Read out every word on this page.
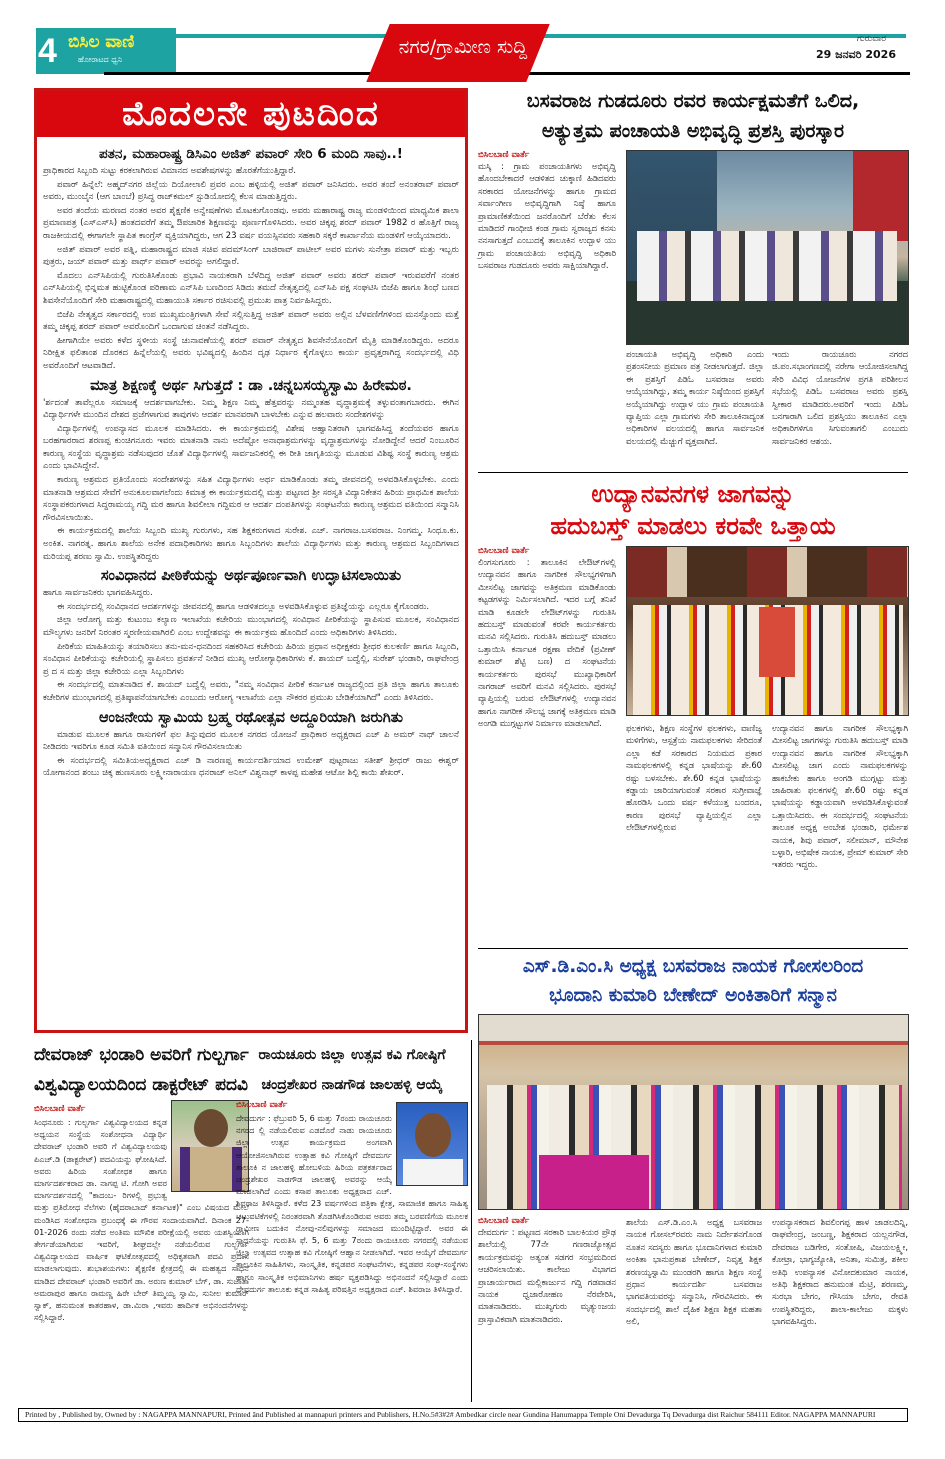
4 ಬಿಸಿಲ ವಾಣಿ
ಹೋರಾಟದ ಧ್ವನಿ
ನಗರ/ಗ್ರಾಮೀಣ ಸುದ್ದಿ	ಗುರುವಾರ
29 ಜನವರಿ 2026
ಮೊದಲನೇ ಪುಟದಿಂದ
ಪತನ, ಮಹಾರಾಷ್ಟ್ರ ಡಿಸಿಎಂ ಅಜಿತ್ ಪವಾರ್ ಸೇರಿ 6 ಮಂದಿ ಸಾವು..!

ಪ್ರಾಧಿಕಾರದ ಸಿಬ್ಬಂದಿ ಸುಟ್ಟು ಕರಕಲಾಗಿರುವ ವಿಮಾನದ ಅವಶೇಷಗಳನ್ನು ಹೊರತೆಗೆಯುತ್ತಿದ್ದಾರೆ.

ಪವಾರ್ ಹಿನ್ನೆಲೆ: ಅಹ್ಮದ್‌ನಗರ ಜಿಲ್ಲೆಯ ದಿಯೋಲಾಲಿ ಪ್ರವರ ಎಂಬ ಹಳ್ಳಿಯಲ್ಲಿ ಅಜಿತ್ ಪವಾರ್ ಜನಿಸಿದರು. ಅವರ ತಂದೆ ಅನಂತರಾವ್ ಪವಾರ್ ಅವರು, ಮುಂಬೈನ (ಆಗ ಬಾಂಬೆ) ಪ್ರಸಿದ್ಧ ರಾಜ್‌ಕಮಲ್ ಸ್ಟುಡಿಯೋದಲ್ಲಿ ಕೆಲಸ ಮಾಡುತ್ತಿದ್ದರು.

ಅವರ ತಂದೆಯ ಮರಣದ ನಂತರ ಅವರ ಶೈಕ್ಷಣಿಕ ಅನ್ವೇಷಣೆಗಳು ಮೊಟಕುಗೊಂಡವು. ಅವರು ಮಹಾರಾಷ್ಟ್ರ ರಾಜ್ಯ ಮಂಡಳಿಯಿಂದ ಮಾಧ್ಯಮಿಕ ಶಾಲಾ ಪ್ರಮಾಣಪತ್ರ (ಎಸ್‌ಎಸ್‌ಸಿ) ಹಂತದವರೆಗೆ ತಮ್ಮ ಔಪಚಾರಿಕ ಶಿಕ್ಷಣವನ್ನು ಪೂರ್ಣಗೊಳಿಸಿದರು. ಅವರ ಚಿಕ್ಕಪ್ಪ ಶರದ್ ಪವಾರ್ 1982 ರ ಹೊತ್ತಿಗೆ ರಾಜ್ಯ ರಾಜಕೀಯದಲ್ಲಿ ಈಗಾಗಲೇ ಸ್ಥಾಪಿತ ಕಾಂಗ್ರೆಸ್ ವ್ಯಕ್ತಿಯಾಗಿದ್ದರು, ಆಗ 23 ವರ್ಷ ವಯಸ್ಸಿನವರು ಸಹಕಾರಿ ಸಕ್ಕರೆ ಕಾರ್ಖಾನೆಯ ಮಂಡಳಿಗೆ ಆಯ್ಕೆಯಾದರು.

ಅಜಿತ್ ಪವಾರ್ ಅವರ ಪತ್ನಿ, ಮಹಾರಾಷ್ಟ್ರದ ಮಾಜಿ ಸಚಿವ ಪದಮ್‌ಸಿಂಗ್ ಬಾಜಿರಾವ್ ಪಾಟೀಲ್ ಅವರ ಮಗಳು ಸುನೇತ್ರಾ ಪವಾರ್ ಮತ್ತು ಇಬ್ಬರು ಪುತ್ರರು, ಜಯ್ ಪವಾರ್ ಮತ್ತು ಪಾರ್ಥ್ ಪವಾರ್ ಅವರನ್ನು ಅಗಲಿದ್ದಾರೆ.

ಮೊದಲು ಎನ್‌ಸಿಪಿಯಲ್ಲಿ ಗುರುತಿಸಿಕೊಂಡು ಪ್ರಭಾವಿ ನಾಯಕರಾಗಿ ಬೆಳೆದಿದ್ದ ಅಜಿತ್ ಪವಾರ್ ಅವರು ಶರದ್ ಪವಾರ್ ಇರುವವರೆಗೆ ನಂತರ ಎನ್‌ಸಿಪಿಯಲ್ಲಿ ಭಿನ್ನಮತ ಹುಟ್ಟಿಕೊಂಡ ಪರಿಣಾಮ ಎನ್‌ಸಿಪಿ ಬಣದಿಂದ ಸಿಡಿದು ತಮದೆ ನೇತೃತ್ವದಲ್ಲಿ ಎನ್‌ಸಿಪಿ ಪಕ್ಷ ಸಂಘಟಿಸಿ ಬಿಜೆಪಿ ಹಾಗೂ ಶಿಂಧೆ ಬಣದ ಶಿವಸೇನೆಯೊಂದಿಗೆ ಸೇರಿ ಮಹಾರಾಷ್ಟ್ರದಲ್ಲಿ ಮಹಾಯುತಿ ಸರ್ಕಾರ ರಚಿಸುವಲ್ಲಿ ಪ್ರಮುಖ ಪಾತ್ರ ನಿರ್ವಹಿಸಿದ್ದರು.

ಬಿಜೆಪಿ ನೇತೃತ್ವದ ಸರ್ಕಾರದಲ್ಲಿ ಉಪ ಮುಖ್ಯಮಂತ್ರಿಗಳಾಗಿ ಸೇವೆ ಸಲ್ಲಿಸುತ್ತಿದ್ದ ಅಜಿತ್ ಪವಾರ್ ಅವರು ಅಲ್ಲಿನ ಬೆಳವಣಿಗೆಗಳಿಂದ ಮನಸ್ಸೊಂದು ಮತ್ತೆ ತಮ್ಮ ಚಿಕ್ಕಪ್ಪ ಶರದ್ ಪವಾರ್ ಅವರೊಂದಿಗೆ ಒಂದಾಗುವ ಚಿಂತನೆ ನಡೆಸಿದ್ದರು.

ಹೀಗಾಗಿಯೇ ಅವರು ಕಳೆದ ಸ್ಥಳೀಯ ಸಂಸ್ಥೆ ಚುನಾವಣೆಯಲ್ಲಿ ಶರದ್ ಪವಾರ್ ನೇತೃತ್ವದ ಶಿವಸೇನೆಯೊಂದಿಗೆ ಮೈತ್ರಿ ಮಾಡಿಕೊಂಡಿದ್ದರು. ಅದರೂ ನಿರೀಕ್ಷಿತ ಫಲಿತಾಂಶ ದೊರಕದ ಹಿನ್ನೆಲೆಯಲ್ಲಿ ಅವರು ಭವಿಷ್ಯದಲ್ಲಿ ಹಿಂದಿನ ದೃಢ ನಿರ್ಧಾರ ಕೈಗೊಳ್ಳಲು ಕಾರ್ಯ ಪ್ರವೃತ್ತರಾಗಿದ್ದ ಸಂದರ್ಭದಲ್ಲಿ ವಿಧಿ ಅವರೊಂದಿಗೆ ಆಟವಾಡಿದೆ.

ಮಾತ್ರ ಶಿಕ್ಷಣಕ್ಕೆ ಅರ್ಥ ಸಿಗುತ್ತದೆ : ಡಾ .ಚನ್ನಬಸಯ್ಯಸ್ವಾಮಿ ಹಿರೇಮಠ.

'ರ್ಶದಂತೆ ತಾವೆಲ್ಲರೂ ಸಮಾಜಕ್ಕೆ ಆದರ್ಶವಾಗಬೇಕು. ನಿಮ್ಮ ಶಿಕ್ಷಣ ನಿಮ್ಮ ಹೆತ್ತವರನ್ನು ನಮ್ಮಂತಹ ವೃದ್ಧಾಶ್ರಮಕ್ಕೆ ತಳ್ಳುವಂತಾಗಬಾರದು. ಈಗಿನ ವಿದ್ಯಾರ್ಥಿಗಳೇ ಮುಂದಿನ ದೇಶದ ಪ್ರಜೆಗಳಾಗುವ ತಾವುಗಳು ಆದರ್ಶ ಮಾನವರಾಗಿ ಬಾಳಬೇಕು ಎನ್ನುವ ಹಲವಾರು ಸಂದೇಶಗಳನ್ನು

ವಿದ್ಯಾರ್ಥಿಗಳಲ್ಲಿ ಉಪನ್ಯಾಸದ ಮೂಲಕ ಮಾಡಿಸಿದರು. ಈ ಕಾರ್ಯಕ್ರಮದಲ್ಲಿ ವಿಶೇಷ ಆಹ್ವಾನಿತರಾಗಿ ಭಾಗವಹಿಸಿದ್ದ ತಂದೆಯವರ ಹಾಗೂ ಬರಹಗಾರರಾದ ಶರಣಪ್ಪ ಕುಂಚಿಗನೂರು ಇವರು ಮಾತನಾಡಿ ನಾನು ಅದೆಷ್ಟೋ ಅನಾಥಾಶ್ರಮಗಳನ್ನು ವೃದ್ಧಾಶ್ರಮಗಳನ್ನು ನೋಡಿದ್ದೇನೆ ಆದರೆ ನಿಂಬೂರಿನ ಕಾರುಣ್ಯ ಸಂಸ್ಥೆಯ ವೃದ್ಧಾಶ್ರಮ ನಡೆಸುವುದರ ಜೊತೆ ವಿದ್ಯಾರ್ಥಿಗಳಲ್ಲಿ ಸಾರ್ವಜನಿಕರಲ್ಲಿ ಈ ರೀತಿ ಜಾಗೃತಿಯನ್ನು ಮೂಡುವ ವಿಶಿಷ್ಟ ಸಂಸ್ಥೆ ಕಾರುಣ್ಯ ಆಶ್ರಮ ಎಂದು ಭಾವಿಸಿದ್ದೇನೆ.

ಕಾರುಣ್ಯ ಆಶ್ರಮದ ಪ್ರತಿಯೊಂದು ಸಂದೇಶಗಳನ್ನು ಸಹಿತ ವಿದ್ಯಾರ್ಥಿಗಳು ಅರ್ಥ ಮಾಡಿಕೊಂಡು ತಮ್ಮ ಜೀವನದಲ್ಲಿ ಅಳವಡಿಸಿಕೊಳ್ಳಬೇಕು. ಎಂದು ಮಾತನಾಡಿ ಆಶ್ರಮದ ಸೇವೆಗೆ ಅನುಕೂಲವಾಗಲೆಂದು ಕಿಮಾತ್ರ ಈ ಕಾರ್ಯಕ್ರಮದಲ್ಲಿ ಮತ್ತು ಪಟ್ಟಣದ ಶ್ರೀ ಸರಸ್ವತಿ ವಿದ್ಯಾನಿಕೇತನ ಹಿರಿಯ ಪ್ರಾಥಮಿಕ ಶಾಲೆಯ ಸಂಸ್ಥಾಪಕರುಗಳಾದ ಸಿದ್ದರಾಮಯ್ಯ ಗದ್ದಿ ಮಠ ಹಾಗೂ ಶಿವಲೀಲಾ ಗದ್ದಿಮಠ ಆ ಆದರ್ಶ ದಂಪತಿಗಳನ್ನು ಸಂಘಟನೆಯ ಕಾರುಣ್ಯ ಆಶ್ರಮದ ವತಿಯಿಂದ ಸನ್ಮಾನಿಸಿ ಗೌರವಿಸಲಾಯಿತು.

ಈ ಕಾರ್ಯಕ್ರಮದಲ್ಲಿ ಶಾಲೆಯ ಸಿಬ್ಬಂದಿ ಮುಖ್ಯ ಗುರುಗಳು, ಸಹ ಶಿಕ್ಷಕರುಗಳಾದ ಸುರೇಶ. ಎಚ್. ನಾಗರಾಜ.ಬಸವರಾಜ. ನಿಂಗಮ್ಮ. ಸಿಂಧೂ.ಕು. ಅಂಕಿತ. ನಾಗರತ್ನ. ಹಾಗೂ ಶಾಲೆಯ ಅನೇಕ ಪದಾಧಿಕಾರಿಗಳು ಹಾಗೂ ಸಿಬ್ಬಂದಿಗಳು ಶಾಲೆಯ ವಿದ್ಯಾರ್ಥಿಗಳು ಮತ್ತು ಕಾರುಣ್ಯ ಆಶ್ರಮದ ಸಿಬ್ಬಂದಿಗಳಾದ ಮರಿಯಪ್ಪ ಶರಣು ಸ್ವಾಮಿ. ಉಪಸ್ಥಿತರಿದ್ದರು

ಸಂವಿಧಾನದ ಪೀಠಿಕೆಯನ್ನು ಅರ್ಥಪೂರ್ಣವಾಗಿ ಉದ್ಘಾಟಿಸಲಾಯಿತು

ಹಾಗೂ ಸಾರ್ವಜನಿಕರು ಭಾಗವಹಿಸಿದ್ದರು.

ಈ ಸಂದರ್ಭದಲ್ಲಿ ಸಂವಿಧಾನದ ಆದರ್ಶಗಳನ್ನು ಜೀವನದಲ್ಲಿ ಹಾಗೂ ಆಡಳಿತದಲ್ಲೂ ಅಳವಡಿಸಿಕೊಳ್ಳುವ ಪ್ರತಿಜ್ಞೆಯನ್ನು ಎಲ್ಲರೂ ಕೈಗೊಂಡರು.

ಜಿಲ್ಲಾ ಆರೋಗ್ಯ ಮತ್ತು ಕುಟುಂಬ ಕಲ್ಯಾಣ ಇಲಾಖೆಯ ಕಚೇರಿಯ ಮುಂಭಾಗದಲ್ಲಿ ಸಂವಿಧಾನ ಪೀಠಿಕೆಯನ್ನು ಸ್ಥಾಪಿಸುವ ಮೂಲಕ, ಸಂವಿಧಾನದ ಮೌಲ್ಯಗಳು ಜನರಿಗೆ ನಿರಂತರ ಸ್ಮರಣೀಯವಾಗಿರಲಿ ಎಂಬ ಉದ್ದೇಶವನ್ನು ಈ ಕಾರ್ಯಕ್ರಮ ಹೊಂದಿದೆ ಎಂದು ಅಧಿಕಾರಿಗಳು ತಿಳಿಸಿದರು.

ಪೀಠಿಕೆಯ ಮಾಹಿತಿಯನ್ನು ತಯಾರಿಸಲು ತನು-ಮನ-ಧನದಿಂದ ಸಹಕರಿಸಿದ ಕಚೇರಿಯ ಹಿರಿಯ ಪ್ರಧಾನ ಅಧೀಕ್ಷಕರು ಶ್ರೀಧರ ಕುಲಕರ್ಣಿ ಹಾಗೂ ಸಿಬ್ಬಂದಿ, ಸಂವಿಧಾನ ಪೀಠಿಕೆಯನ್ನು ಕಚೇರಿಯಲ್ಲಿ ಸ್ಥಾಪಿಸಲು ಪ್ರವರ್ತನೆ ನೀಡಿದ ಮುಖ್ಯ ಆರೋಗ್ಯಾಧಿಕಾರಿಗಳು ಕೆ. ಶಾಯದ್ ಬದ್ವೆಲ್ಲಿ, ಸುರೇಶ್ ಭಂಡಾರಿ, ರಾಘವೇಂದ್ರ ಪ್ರ ದ ಸ ಮತ್ತು ಜಿಲ್ಲಾ ಕಚೇರಿಯ ಎಲ್ಲಾ ಸಿಬ್ಬಂದಿಗಳು

ಈ ಸಂದರ್ಭದಲ್ಲಿ ಮಾತನಾಡಿದ ಕೆ. ಶಾಯದ್ ಬದ್ವೆಲ್ಲಿ ಅವರು, "ನಮ್ಮ ಸಂವಿಧಾನ ಪೀಠಿಕೆ ಕರ್ನಾಟಕ ರಾಜ್ಯದಲ್ಲಿಂದ ಪ್ರತಿ ಜಿಲ್ಲಾ ಹಾಗೂ ತಾಲೂಕು ಕಚೇರಿಗಳ ಮುಂಭಾಗದಲ್ಲಿ ಪ್ರತಿಷ್ಠಾಪನೆಯಾಗಬೇಕು ಎಂಬುದು ಆರೋಗ್ಯ ಇಲಾಖೆಯ ಎಲ್ಲಾ ನೌಕರರ ಪ್ರಮುಖ ಬೇಡಿಕೆಯಾಗಿದೆ" ಎಂದು ತಿಳಿಸಿದರು.

ಆಂಜನೇಯ ಸ್ವಾಮಿಯ ಬ್ರಹ್ಮ ರಥೋತ್ಸವ ಅದ್ದೂರಿಯಾಗಿ ಜರುಗಿತು

ಮಾಡುವ ಮೂಲಕ ಹಾಗೂ ರಾಸುಗಳಿಗೆ ಫಲ ತಿನ್ನುವುದರ ಮೂಲಕ ನಗರದ ಯೋಜನೆ ಪ್ರಾಧಿಕಾರ ಅಧ್ಯಕ್ಷರಾದ ಎಚ್ ಪಿ ಅಮರ್ ನಾಥ್ ಚಾಲನೆ ನೀಡಿದರು ಇವರಿಗೂ ಕೂಡ ಸಮಿತಿ ವತಿಯಿಂದ ಸನ್ಮಾನಿಸ ಗೌರವಿಸಲಾಯಿತು

ಈ ಸಂದರ್ಭದಲ್ಲಿ ಸಮಿತಿಯಅಧ್ಯಕ್ಷರಾದ ಎಚ್ ಡಿ ನಾರಣಪ್ಪ ಕಾರ್ಯದರ್ಶಿಯಾದ ಉಮೇಶ್ ಪುಟ್ಟರಾಜು ಸತೀಶ್ ಶ್ರೀಧರ್ ರಾಜು ಈಶ್ವರ್ ಯೋಗಾನಂದ ಶಂಬು ಚಿಕ್ಕ ಹುಣಸೂರು ಲಕ್ಷ್ಮೀನಾರಾಯಣ ಧನರಾಜ್ ಅನಿಲ್ ವಿಶ್ವನಾಥ್ ಕಾಳಪ್ಪ ಮಹೇಶ ಆಟೋ ಶಿಲ್ಪಿ ಕಾಯಿ ಶೇಖರ್.

ಬಸವರಾಜ ಗುಡದೂರು ರವರ ಕಾರ್ಯಕ್ಷಮತೆಗೆ ಒಲಿದ,
ಅತ್ಯುತ್ತಮ ಪಂಚಾಯತಿ ಅಭಿವೃದ್ಧಿ ಪ್ರಶಸ್ತಿ ಪುರಸ್ಕಾರ
ಬಿಸಿಲಬಾಣಿ ವಾರ್ತೆ
ಮಸ್ಕಿ : ಗ್ರಾಮ ಪಂಚಾಯತಿಗಳು ಅಭಿವೃದ್ಧಿ ಹೊಂದಬೇಕಾದರೆ ಆಡಳಿತದ ಚುಕ್ಕಾಣಿ ಹಿಡಿದವರು ಸರಕಾರದ ಯೋಜನೆಗಳನ್ನು ಹಾಗೂ ಗ್ರಾಮದ ಸರ್ವಾಂಗೀಣ ಅಭಿವೃದ್ಧಿಗಾಗಿ ನಿಷ್ಠೆ ಹಾಗೂ ಪ್ರಾಮಾಣಿಕತೆಯಿಂದ ಜನರೊಂದಿಗೆ ಬೆರೆತು ಕೆಲಸ ಮಾಡಿದರೆ ಗಾಂಧೀಜಿ ಕಂಡ ಗ್ರಾಮ ಸ್ವರಾಜ್ಯದ ಕನಸು ನನಸಾಗುತ್ತದೆ ಎಂಬುದಕ್ಕೆ ತಾಲೂಕಿನ ಉದ್ಬಾಳ ಯು ಗ್ರಾಮ ಪಂಚಾಯತಿಯ ಅಭಿವೃದ್ಧಿ ಅಧಿಕಾರಿ ಬಸವರಾಜ ಗುಡದೂರು ಅವರು ಸಾಕ್ಷಿಯಾಗಿದ್ದಾರೆ.
ಪಂಚಾಯತಿ ಅಭಿವೃದ್ಧಿ ಅಧಿಕಾರಿ ಎಂದು ಪ್ರಶಂಸನೀಯ ಪ್ರಮಾಣ ಪತ್ರ ನೀಡಲಾಗುತ್ತದೆ. ಜಿಲ್ಲಾ ಈ ಪ್ರಶಸ್ತಿಗೆ ಪಿಡಿಓ ಬಸವರಾಜ ಅವರು ಆಯ್ಕೆಯಾಗಿದ್ದು, ತಮ್ಮ ಕಾರ್ಯ ನಿಷ್ಠೆಯಿಂದ ಪ್ರಶಸ್ತಿಗೆ ಅಯ್ಕೆಯಾಗಿದ್ದು ಉದ್ಬಾಳ ಯು ಗ್ರಾಮ ಪಂಚಾಯತಿ ವ್ಯಾಪ್ತಿಯ ಎಲ್ಲಾ ಗ್ರಾಮಗಳು ಸೇರಿ ತಾಲೂಕಿನಾದ್ಯಂತ ಅಧಿಕಾರಿಗಳ ವಲಯದಲ್ಲಿ ಹಾಗೂ ಸಾರ್ವಜನಿಕ ವಲಯದಲ್ಲಿ ಮೆಚ್ಚುಗೆ ವ್ಯಕ್ತವಾಗಿದೆ.
ಇಂದು ರಾಯಚೂರು ನಗರದ ಜಿ.ಪಂ.ಸಭಾಂಗಣದಲ್ಲಿ ನರೇಗಾ ಆಯೋಜಿಸಲಾಗಿದ್ದ ಸೇರಿ ವಿವಿಧ ಯೋಜನೆಗಳ ಪ್ರಗತಿ ಪರಿಶೀಲನ ಸಭೆಯಲ್ಲಿ ಪಿಡಿಓ ಬಸವರಾಜ ಅವರು ಪ್ರಶಸ್ತಿ ಸ್ವೀಕಾರ ಮಾಡಿದರು.ಅವರಿಗೆ ಇಂದು ಪಿಡಿಓ ಬನಗಾರಾಗಿ ಒಲಿದ ಪ್ರಶಸ್ತಿಯು ತಾಲೂಕಿನ ಎಲ್ಲಾ ಅಧಿಕಾರಿಗಳಿಗೂ ಸಿಗುವಂತಾಗಲಿ ಎಂಬುದು ಸಾರ್ವಜನಿಕರ ಆಶಯ.
ಉದ್ಯಾನವನಗಳ ಜಾಗವನ್ನು
ಹದುಬಸ್ತ್ ಮಾಡಲು ಕರವೇ ಒತ್ತಾಯ
ಬಿಸಿಲಬಾಣಿ ವಾರ್ತೆ
ಲಿಂಗಸುಗೂರು : ತಾಲೂಕಿನ ಲೇಔಟ್‌ಗಳಲ್ಲಿ ಉದ್ಯಾನವನ ಹಾಗೂ ನಾಗರೀಕ ಸೌಲಭ್ಯಗಳಿಗಾಗಿ ಮೀಸಲಿಟ್ಟ ಜಾಗವನ್ನು ಅತಿಕ್ರಮಣ ಮಾಡಿಕೊಂಡು ಕಟ್ಟಡಗಳನ್ನು ನಿರ್ಮಿಸಲಾಗಿದೆ. ಇದರ ಬಗ್ಗೆ ತನಿಖೆ ಮಾಡಿ ಕೂಡಲೇ ಲೇಔಟ್‌ಗಳನ್ನು ಗುರುತಿಸಿ ಹದುಬಸ್ತ್ ಮಾಡುವಂತೆ ಕರವೇ ಕಾರ್ಯಕರ್ತರು ಮನವಿ ಸಲ್ಲಿಸಿದರು. ಗುರುತಿಸಿ ಹದುಬಸ್ತ್ ಮಾಡಲು ಒತ್ತಾಯಿಸಿ ಕರ್ನಾಟಕ ರಕ್ಷಣಾ ವೇದಿಕೆ (ಪ್ರವೀಣ್ ಕುಮಾರ್ ಶೆಟ್ಟಿ ಬಣ) ದ ಸಂಘಟನೆಯ ಕಾರ್ಯಕರ್ತರು ಪುರಸಭೆ ಮುಖ್ಯಾಧಿಕಾರಿಗೆ ನಾಗರಾಜ್ ಅವರಿಗೆ ಮನವಿ ಸಲ್ಲಿಸಿದರು. ಪುರಸಭೆ ವ್ಯಾಪ್ತಿಯಲ್ಲಿ ಬರುವ ಲೇಔಟ್‌ಗಳಲ್ಲಿ ಉದ್ಯಾನವನ ಹಾಗೂ ನಾಗರೀಕ ಸೌಲಭ್ಯ ಜಾಗಕ್ಕೆ ಅತಿಕ್ರಮಣ ಮಾಡಿ ಅಂಗಡಿ ಮುಗ್ಗಟ್ಟುಗಳ ನಿರ್ಮಾಣ ಮಾಡಲಾಗಿದೆ.	ಫಲಕಗಳು, ಶಿಕ್ಷಣ ಸಂಸ್ಥೆಗಳ ಫಲಕಗಳು, ವಾಣಿಜ್ಯ ಮಳಿಗೆಗಳು, ಆಸ್ಪತ್ರೆಯ ನಾಮಫಲಕಗಳು ಸೇರಿದಂತೆ ಎಲ್ಲಾ ಕಡೆ ಸರಕಾರದ ನಿಯಮದ ಪ್ರಕಾರ ನಾಮಫಲಕಗಳಲ್ಲಿ ಕನ್ನಡ ಭಾಷೆಯನ್ನು ಶೇ.60 ರಷ್ಟು ಬಳಸಬೇಕು. ಶೇ.60 ಕನ್ನಡ ಭಾಷೆಯನ್ನು ಕಡ್ಡಾಯ ಜಾರಿಯಾಗುವಂತೆ ಸರಕಾರ ಸುಗ್ರೀವಾಜ್ಞೆ ಹೊರಡಿಸಿ ಒಂದು ವರ್ಷ ಕಳೆಯುತ್ತ ಬಂದರೂ, ಕಾರಣ ಪುರಸಭೆ ವ್ಯಾಪ್ತಿಯಲ್ಲಿನ ಎಲ್ಲಾ ಲೇಔಟ್‌ಗಳಲ್ಲಿರುವ
ಉದ್ಯಾನವನ ಹಾಗೂ ನಾಗರೀಕ ಸೌಲಭ್ಯಕ್ಕಾಗಿ ಮೀಸಲಿಟ್ಟ ಜಾಗಗಳನ್ನು ಗುರುತಿಸಿ ಹದುಬಸ್ತ್ ಮಾಡಿ ಉದ್ಯಾನವನ ಹಾಗೂ ನಾಗರೀಕ ಸೌಲಭ್ಯಕ್ಕಾಗಿ ಮೀಸಲಿಟ್ಟ ಜಾಗ ಎಂದು ನಾಮಫಲಕಗಳನ್ನು ಹಾಕಬೇಕು ಹಾಗೂ ಅಂಗಡಿ ಮುಗ್ಗಟ್ಟು ಮತ್ತು ಜಾಹಿರಾತು ಫಲಕಗಳಲ್ಲಿ ಶೇ.60 ರಷ್ಟು ಕನ್ನಡ ಭಾಷೆಯನ್ನು ಕಡ್ಡಾಯವಾಗಿ ಅಳವಡಿಸಿಕೊಳ್ಳುವಂತೆ ಒತ್ತಾಯಿಸಿದರು. ಈ ಸಂದರ್ಭದಲ್ಲಿ ಸಂಘಟನೆಯ ತಾಲೂಕ ಅಧ್ಯಕ್ಷ ಅಂಬೇಶ ಭಂಡಾರಿ, ಧರ್ಮೇಶ ನಾಯಕ, ಶಿವು ಪವಾರ್, ಸಲೀಮಾನ್, ಮೌನೇಶ ಬಳ್ಳಾರಿ, ಅಭಿಷೇಕ ನಾಯಕ, ಪ್ರೇಮ್ ಕುಮಾರ್ ಸೇರಿ ಇತರರು ಇದ್ದರು.
ಎಸ್.ಡಿ.ಎಂ.ಸಿ ಅಧ್ಯಕ್ಷ ಬಸವರಾಜ ನಾಯಕ ಗೋಸಲರಿಂದ
ಭೂದಾನಿ ಕುಮಾರಿ ಬೇಣೇದ್ ಅಂಕಿತಾರಿಗೆ ಸನ್ಮಾನ
ಬಿಸಿಲಬಾಣಿ ವಾರ್ತೆ
ದೇವದುರ್ಗ : ಪಟ್ಟಣದ ಸರಕಾರಿ ಬಾಲಕಿಯರ ಪ್ರೌಢ ಶಾಲೆಯಲ್ಲಿ 77ನೇ ಗಣರಾಜ್ಯೋತ್ಸವ ಕಾರ್ಯಕ್ರಮವನ್ನು ಅತ್ಯಂತ ಸಡಗರ ಸಂಭ್ರಮದಿಂದ ಆಚರಿಸಲಾಯಿತು. ಕಾಲೇಜು ವಿಭಾಗದ ಪ್ರಾಚಾರ್ಯರಾದ ಮಲ್ಲಿಕಾರ್ಜುನ ಗದ್ದಿ ಗಡವಾಡನ ನಾಯಕ ಧ್ವಜಾರೋಹಣ ನೆರವೇರಿಸಿ, ಮಾತನಾಡಿದರು. ಮುಖ್ಯಗುರು ಮೃತ್ಯುಂಜಯ ಪ್ರಾಸ್ತಾವಿಕವಾಗಿ ಮಾತನಾಡಿದರು.
ಶಾಲೆಯ ಎಸ್.ಡಿ.ಎಂ.ಸಿ ಅಧ್ಯಕ್ಷ ಬಸವರಾಜ ನಾಯಕ ಗೋಸಲ್‌ರವರು ನಾಮ ನಿರ್ದೇಶನಗೊಂಡ ನೂತನ ಸದಸ್ಯರು ಹಾಗೂ ಭೂದಾನಿಗಳಾದ ಕುಮಾರಿ ಅಂಕಿತಾ ಭಾನುಪ್ರಕಾಶ ಬೇಣೇದ್, ನಿವೃತ್ತ ಶಿಕ್ಷಕ ಶರಣಯ್ಯಸ್ವಾಮಿ ಮುಂಡರಗಿ ಹಾಗೂ ಶಿಕ್ಷಣ ಸಂಸ್ಥೆ ಪ್ರಧಾನ ಕಾರ್ಯದರ್ಶಿ ಬಸವರಾಜ ಭಾಗವತಿಯವರನ್ನು ಸನ್ಮಾನಿಸಿ, ಗೌರವಿಸಿದರು. ಈ ಸಂದರ್ಭದಲ್ಲಿ ಶಾಲೆ ದೈಹಿಕ ಶಿಕ್ಷಣ ಶಿಕ್ಷಕ ಮಹತಾ ಅಲಿ,
ಉಪನ್ಯಾಸಕರಾದ ಶಿವಲಿಂಗಪ್ಪ ಹಾಳ ಜಾಡಲದಿನ್ನಿ, ರಾಘವೇಂದ್ರ, ಜಂಬಣ್ಣ, ಶಿಕ್ಷಕರಾದ ಯಲ್ಲನಗೌಡ, ದೇವರಾಜ ಬಡಿಗೇರ, ಸಂತೋಷಿ, ವಿಜಯಲಕ್ಷ್ಮೀ, ಕೋಟ್ರಾ, ಭಾಗ್ಯಜ್ಯೋತಿ, ಅನಿತಾ, ಸುಮಿತ್ರ, ಶಕೀಲ ಅತಿಥಿ ಉಪನ್ಯಾಸಕ ವಿನೋದಕುಮಾರ ನಾಯಕ, ಅತಿಥಿ ಶಿಕ್ಷಕರಾದ ಹನುಮಂತ ಮೆಟ್ರಿ, ಶರಣಮ್ಮ, ಸುರಭಾ ಬೇಗಂ, ಗೌಸಿಯಾ ಬೇಗಂ, ರೇವತಿ ಉಪಸ್ಥಿತರಿದ್ದರು, ಶಾಲಾ-ಕಾಲೇಜು ಮಕ್ಕಳು ಭಾಗವಹಿಸಿದ್ದರು.
ದೇವರಾಜ್ ಭಂಡಾರಿ ಅವರಿಗೆ ಗುಲ್ಬರ್ಗಾ
ವಿಶ್ವವಿದ್ಯಾಲಯದಿಂದ ಡಾಕ್ಟರೇಟ್ ಪದವಿ
ಬಿಸಿಲಬಾಣಿ ವಾರ್ತೆ
ಸಿಂಧನೂರು : ಗುಲ್ಬರ್ಗಾ ವಿಶ್ವವಿದ್ಯಾಲಯದ ಕನ್ನಡ ಅಧ್ಯಯನ ಸಂಸ್ಥೆಯ ಸಂಶೋಧನಾ ವಿದ್ಯಾರ್ಥಿ ದೇವರಾಜ್ ಭಂಡಾರಿ ಅವರಿ ಗೆ ವಿಶ್ವವಿದ್ಯಾಲಯವು ಪಿಎಚ್.ಡಿ (ಡಾಕ್ಟರೇಟ್) ಪದವಿಯನ್ನು ಘೋಷಿಸಿದೆ. ಅವರು ಹಿರಿಯ ಸಂಶೋಧಕ ಹಾಗೂ ಮಾರ್ಗದರ್ಶಕರಾದ ಡಾ. ನಾಗಪ್ಪ ಟಿ. ಗೋಗಿ ಅವರ ಮಾರ್ಗದರ್ಶನದಲ್ಲಿ "ಕಾದಂಬ- ರಿಗಳಲ್ಲಿ ಪ್ರಭುತ್ವ ಮತ್ತು ಪ್ರತಿರೋಧ ನೆಲೆಗಳು (ಹೈದರಾಬಾದ್ ಕರ್ನಾಟಕ)" ಎಂಬ ವಿಷಯದ ಮೇಲೆ ಮಂಡಿಸಿದ ಸಂಶೋಧನಾ ಪ್ರಬಂಧಕ್ಕೆ ಈ ಗೌರವ ಸಂದಾಯವಾಗಿದೆ. ದಿನಾಂಕ 27-01-2026 ರಂದು ನಡೆದ ಅಂತಿಮ ಮೌಖಿಕ ಪರೀಕ್ಷೆಯಲ್ಲಿ ಅವರು ಯಶಸ್ವಿಯಾಗಿ ತೇರ್ಗಡೆಯಾಗಿರುವ ಇವರಿಗೆ, ಶೀಘ್ರದಲ್ಲೇ ನಡೆಯಲಿರುವ ಗುಲ್ಬರ್ಗಾ ವಿಶ್ವವಿದ್ಯಾಲಯದ ವಾರ್ಷಿಕ ಘಟಿಕೋತ್ಸವದಲ್ಲಿ ಅಧಿಕೃತವಾಗಿ ಪದವಿ ಪ್ರದಾನ ಮಾಡಲಾಗುವುದು. ಶುಭಾಶಯಗಳು: ಶೈಕ್ಷಣಿಕ ಕ್ಷೇತ್ರದಲ್ಲಿ ಈ ಮಹತ್ವದ ಸಾಧನೆ ಮಾಡಿದ ದೇವರಾಜ್ ಭಂಡಾರಿ ಅವರಿಗೆ ಡಾ. ಅರುಣ ಕುಮಾರ್ ಬೆಗ್, ಡಾ. ಸುಜಾತಾ ಅಮರಾಪುರ ಹಾಗೂ ರಾಮಣ್ಣ ಹಿರೇ ಬೇರ್ ತಿಮ್ಮಯ್ಯ ಸ್ವಾಮಿ, ಸುನೀಲ ಕುಮಾರ್ ಸ್ವಾಕ್, ಹನುಮಂತ ಕಾತರಹಾಳ, ಡಾ.ಮಿರಾ ,ಇವರು ಹಾರ್ದಿಕ ಅಭಿನಂದನೆಗಳನ್ನು ಸಲ್ಲಿಸಿದ್ದಾರೆ.
ರಾಯಚೂರು ಜಿಲ್ಲಾ ಉತ್ಸವ ಕವಿ ಗೋಷ್ಠಿಗೆ
ಚಂದ್ರಶೇಖರ ನಾಡಗೌಡ ಜಾಲಹಳ್ಳಿ ಆಯ್ಕೆ
ಬಿಸಿಲಬಾಣಿ ವಾರ್ತೆ
ದೇವದುರ್ಗ : ಫೆಬ್ರುವರಿ 5, 6 ಮತ್ತು 7ರಂದು ರಾಯಚೂರು ನಗರದ ಲ್ಲಿ ನಡೆಯಲಿರುವ ಎಡದೊರೆ ನಾಡು ರಾಯಚೂರು ಜಿಲ್ಲಾ ಉತ್ಸವ ಕಾರ್ಯಕ್ರಮದ ಅಂಗವಾಗಿ ಆಯೋಜಿಸಲಾಗಿರುವ ಉತ್ಸಾಹ ಕವಿ ಗೋಷ್ಠಿಗೆ ದೇವದುರ್ಗ ತಾಲೂಕಿ ನ ಜಾಲಹಳ್ಳಿ ಹೋಬಳಿಯ ಹಿರಿಯ ಪತ್ರಕರ್ತರಾದ ಚಂದ್ರಶೇಖರ ನಾಡಗೌಡ ಜಾಲಹಳ್ಳಿ ಅವರನ್ನು ಆಯ್ಕೆ ಮಾಡಲಾಗಿದೆ ಎಂದು ಕಸಾಪ ತಾಲೂಕು ಅಧ್ಯಕ್ಷರಾದ ಎಚ್. ಶಿವರಾಜ ತಿಳಿಸಿದ್ದಾರೆ. ಕಳೆದ 23 ವರ್ಷಗಳಿಂದ ಪತ್ರಿಕಾ ಕ್ಷೇತ್ರ, ಸಾಮಾಜಿಕ ಹಾಗೂ ಸಾಹಿತ್ಯ ಚಟುವಟಿಕೆಗಳಲ್ಲಿ ನಿರಂತರವಾಗಿ ತೊಡಗಿಸಿಕೊಂಡಿರುವ ಅವರು ತಮ್ಮ ಬರವಣಿಗೆಯ ಮೂಲಕ ಗ್ರಾಮೀಣ ಬದುಕಿನ ನೋವು-ನಲಿವುಗಳನ್ನು ಸಮಾಜದ ಮುಂದಿಟ್ಟಿದ್ದಾರೆ. ಅವರ ಈ ಸಾಧನೆಯನ್ನು ಗುರುತಿಸಿ ಫೆ. 5, 6 ಮತ್ತು 7ರಂದು ರಾಯಚೂರು ನಗರದಲ್ಲಿ ನಡೆಯುವ ಜಿಲ್ಲಾ ಉತ್ಸವದ ಉತ್ಸಾಹ ಕವಿ ಗೋಷ್ಠಿಗೆ ಆಹ್ವಾನ ನೀಡಲಾಗಿದೆ. ಇವರ ಆಯ್ಕೆಗೆ ದೇವದುರ್ಗ ತಾಲೂಕಿನ ಸಾಹಿತಿಗಳು, ಸಾಂಸ್ಕೃತಿಕ, ಕನ್ನಡಪರ ಸಂಘಟನೆಗಳು, ಕನ್ನಡಪರ ಸಂಘ-ಸಂಸ್ಥೆಗಳು ಹಾಗೂ ಸಾಂಸ್ಕೃತಿಕ ಅಭಿಮಾನಿಗಳು ಹರ್ಷ ವ್ಯಕ್ತಪಡಿಸಿದ್ದು ಅಭಿನಂದನೆ ಸಲ್ಲಿಸಿದ್ದಾರೆ ಎಂದು ದೇವದುರ್ಗ ತಾಲೂಕು ಕನ್ನಡ ಸಾಹಿತ್ಯ ಪರಿಷತ್ತಿನ ಅಧ್ಯಕ್ಷರಾದ ಎಚ್. ಶಿವರಾಜ ತಿಳಿಸಿದ್ದಾರೆ.
Printed by , Published by, Owned by : NAGAPPA MANNAPURI, Printed ānd Published at mannapuri printers and Publishers, H.No.5#3#2# Ambedkar circle near Gundina Hanumappa Temple Oni Devadurga Tq Devadurga dist Raichur 584111 Editor. NAGAPPA MANNAPURI
